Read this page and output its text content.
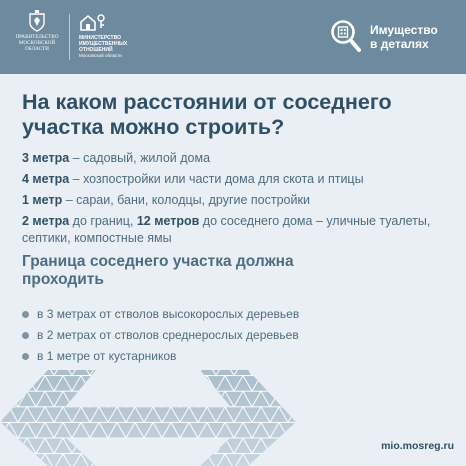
ПРАВИТЕЛЬСТВО
МОСКОВСКОЙ
ОБЛАСТИ
МИНИСТЕРСТВО
ИМУЩЕСТВЕННЫХ
ОТНОШЕНИЙ
Московской области
Имущество
в деталях
На каком расстоянии от соседнего участка можно строить?
3 метра – садовый, жилой дома
4 метра – хозпостройки или части дома для скота и птицы
1 метр – сараи, бани, колодцы, другие постройки
2 метра до границ, 12 метров до соседнего дома – уличные туалеты, септики, компостные ямы
Граница соседнего участка должна проходить
в 3 метрах от стволов высокорослых деревьев
в 2 метрах от стволов среднерослых деревьев
в 1 метре от кустарников
mio.mosreg.ru
